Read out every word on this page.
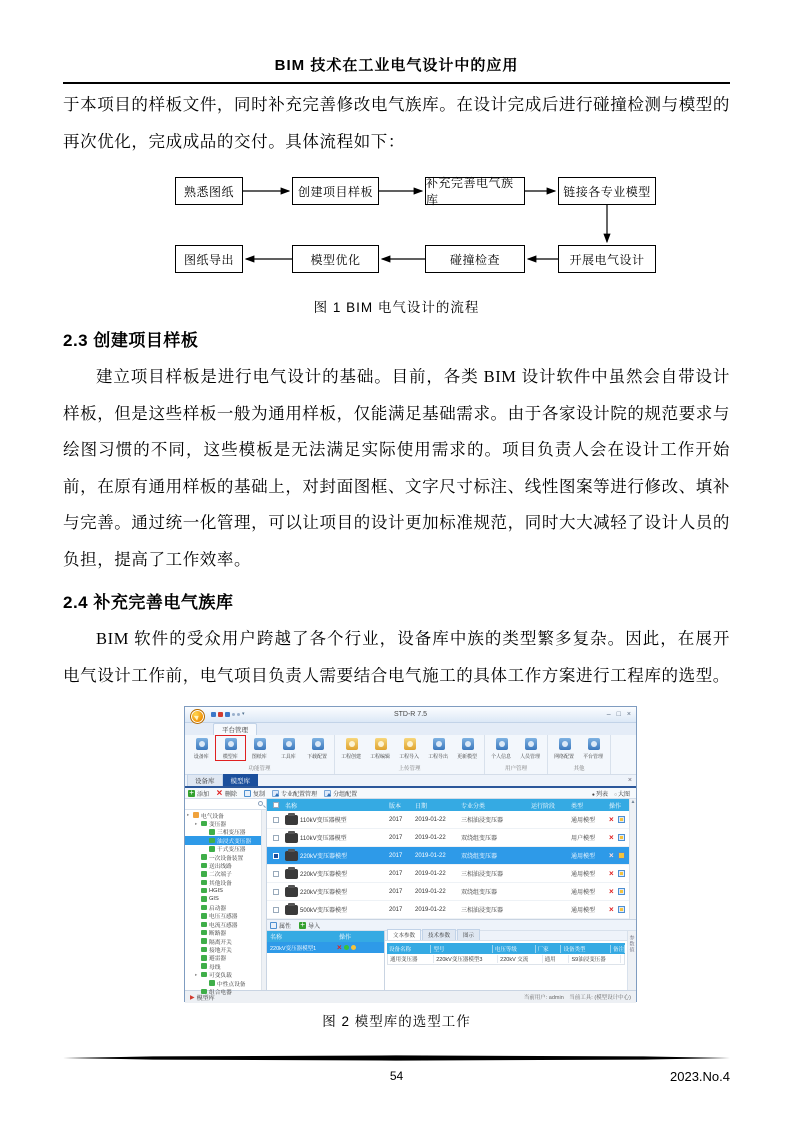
BIM 技术在工业电气设计中的应用

于本项目的样板文件，同时补充完善修改电气族库。在设计完成后进行碰撞检测与模型的再次优化，完成成品的交付。具体流程如下：

熟悉图纸	创建项目样板
补充完善电气族库
链接各专业模型
图纸导出	模型优化	碰撞检查	开展电气设计
图 1 BIM 电气设计的流程
2.3 创建项目样板

建立项目样板是进行电气设计的基础。目前，各类 BIM 设计软件中虽然会自带设计样板，但是这些样板一般为通用样板，仅能满足基础需求。由于各家设计院的规范要求与绘图习惯的不同，这些模板是无法满足实际使用需求的。项目负责人会在设计工作开始前，在原有通用样板的基础上，对封面图框、文字尺寸标注、线性图案等进行修改、填补与完善。通过统一化管理，可以让项目的设计更加标准规范，同时大大减轻了设计人员的负担，提高了工作效率。

2.4 补充完善电气族库

BIM 软件的受众用户跨越了各个行业，设备库中族的类型繁多复杂。因此，在展开电气设计工作前，电气项目负责人需要结合电气施工的具体工作方案进行工程库的选型。

▾	STD-R 7.5	– □ ×
平台管理
设备库	模型库	图纸库	工具库 下载配置
功能管理
工程创建 工程编辑 工程导入 工程导出 更新模型
上传管理
个人信息 人员管理
用户管理
网络配置 平台管理
其他
设备库	模型库	×
+
添加 ×	删除	复制	专业配置管理	分组配置	● 列表	○ 大图
▸ 电气设备
▸ 变压器
三相变压器
油浸式变压器
干式变压器
一次设备装置
送出线路
二次端子
其他设备
HGIS
GIS
启动器
电压互感器
电流互感器
断路器
隔离开关
接地开关
避雷器
母线
▸ 可变负载
中性点设备
组合电器
名称	版本	日期	专业分类	运行阶段	类型	操作
110kV变压器模型	2017	2019-01-22	三相油浸变压器	通用模型	×
110kV变压器模型	2017	2019-01-22	双绕组变压器	用户模型	×
220kV变压器模型	2017	2019-01-22	双绕组变压器	通用模型	×
220kV变压器模型	2017	2019-01-22	三相油浸变压器	通用模型	×
220kV变压器模型	2017	2019-01-22	双绕组变压器	通用模型	×
500kV变压器模型	2017	2019-01-22	三相油浸变压器	通用模型	×
▲
属性 +	导入
名称	操作
220kV变压器模型1	×
文本参数	技术参数	图示
设备名称	型号	电压等级	厂家	设备类型	备注
通用变压器	220kV变压器模型3	220kV 交流	通用	S9油浸变压器
参数值
▶ 模型库	当前用户: admin　当前工具: (模型设计中心)
图 2 模型库的选型工作
54	2023.No.4
